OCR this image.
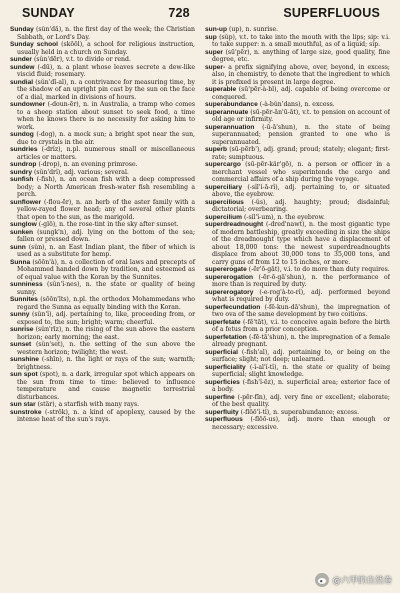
SUNDAY	728	SUPERFLUOUS

Sunday (sŭn'dā), n. the first day of the week; the Christian Sabbath, or Lord's Day.

Sunday school (skōōl), a school for religious instruction, usually held in a church on Sunday.

sunder (sŭn'dẽr), v.t. to divide or rend.

sundew (-dū), n. a plant whose leaves secrete a dew-like viscid fluid; rosemary.

sundial (sŭn'dī-al), n. a contrivance for measuring time, by the shadow of an upright pin cast by the sun on the face of a dial, marked in divisions of hours.

sundowner (-doun-ẽr), n. in Australia, a tramp who comes to a sheep station about sunset to seek food, a time when he knows there is no necessity for asking him to work.

sundog (-dog), n. a mock sun; a bright spot near the sun, due to crystals in the air.

sundries (-drĭz), n.pl. numerous small or miscellaneous articles or matters.

sundrop (-drop), n. an evening primrose.

sundry (sŭn'drĭ), adj. various; several.

sunfish (-fish), n. an ocean fish with a deep compressed body; a North American fresh-water fish resembling a perch.

sunflower (-flou-ẽr), n. an herb of the aster family with a yellow-rayed flower head; any of several other plants that open to the sun, as the marigold.

sunglow (-glō), n. the rose-tint in the sky after sunset.

sunken (sungk'n), adj. lying on the bottom of the sea; fallen or pressed down.

sunn (sŭn), n. an East Indian plant, the fiber of which is used as a substitute for hemp.

Sunna (sōōn'à), n. a collection of oral laws and precepts of Mohammed handed down by tradition, and esteemed as of equal value with the Koran by the Sunnites.

sunniness (sŭn'ĭ-nes), n. the state or quality of being sunny.

Sunnites (sōōn'īts), n.pl. the orthodox Mohammedans who regard the Sunna as equally binding with the Koran.

sunny (sŭn'ĭ), adj. pertaining to, like, proceeding from, or exposed to, the sun; bright; warm; cheerful.

sunrise (sŭn'rīz), n. the rising of the sun above the eastern horizon; early morning; the east.

sunset (sŭn'set), n. the setting of the sun above the western horizon; twilight; the west.

sunshine (-shīn), n. the light or rays of the sun; warmth; brightness.

sun spot (spot), n. a dark, irregular spot which appears on the sun from time to time: believed to influence temperature and cause magnetic terrestrial disturbances.

sun star (stär), a starfish with many rays.

sunstroke (-strōk), n. a kind of apoplexy, caused by the intense heat of the sun's rays.

sun-up (up), n. sunrise.

sup (sŭp), v.t. to take into the mouth with the lips; sip: v.i. to take supper: n. a small mouthful, as of a liquid; sip.

super (sū'pẽr), n. anything of large size, good quality, fine degree, etc.

super- a prefix signifying above, over, beyond, in excess; also, in chemistry, to denote that the ingredient to which it is prefixed is present in large degree.

superable (sū'pẽr-à-bl), adj. capable of being overcome or conquered.

superabundance (-à-bŭn'dans), n. excess.

superannuate (sū-pẽr-ăn'ū-āt), v.t. to pension on account of old age or infirmity.

superannuation (-ū-ā'shun), n. the state of being superannuated; pension granted to one who is superannuated.

superb (sū-pẽrb'), adj. grand; proud; stately; elegant; first-rate; sumptuous.

supercargo (sū-pẽr-kär'gō), n. a person or officer in a merchant vessel who superintends the cargo and commercial affairs of a ship during the voyage.

superciliary (-sĭl'ĭ-ā-rĭ), adj. pertaining to, or situated above, the eyebrow.

supercilious (-ŭs), adj. haughty; proud; disdainful; dictatorial; overbearing.

supercilium (-sĭl'ĭ-um), n. the eyebrow.

superdreadnought (-dred'nawt), n. the most gigantic type of modern battleship, greatly exceeding in size the ships of the dreadnought type which have a displacement of about 18,000 tons: the newest superdreadnoughts displace from about 30,000 tons to 35,000 tons, and carry guns of from 12 to 15 inches, or more.

supererogate (-ẽr'ō-gāt), v.i. to do more than duty requires.

supererogation (-ẽr-ō-gā'shun), n. the performance of more than is required by duty.

supererogatory (-e-rog'à-to-rĭ), adj. performed beyond what is required by duty.

superfecundation (-fē-kun-dā'shun), the impregnation of two ova of the same development by two coitions.

superfetate (-fē'tāt), v.i. to conceive again before the birth of a fetus from a prior conception.

superfetation (-fē-tā'shun), n. the impregnation of a female already pregnant.

superficial (-fish'al), adj. pertaining to, or being on the surface; slight; not deep; unlearned.

superficiality (-ĭ-al'ĭ-tĭ), n. the state or quality of being superficial; slight knowledge.

superficies (-fish'ĭ-ēz), n. superficial area; exterior face of a body.

superfine (-pẽr-fīn), adj. very fine or excellent; elaborate; of the best quality.

superfluity (-flōō'ĭ-tĭ), n. superabundance; excess.

superfluous (-flōō-us), adj. more than enough or necessary; excessive.

@六甲的自然卷
